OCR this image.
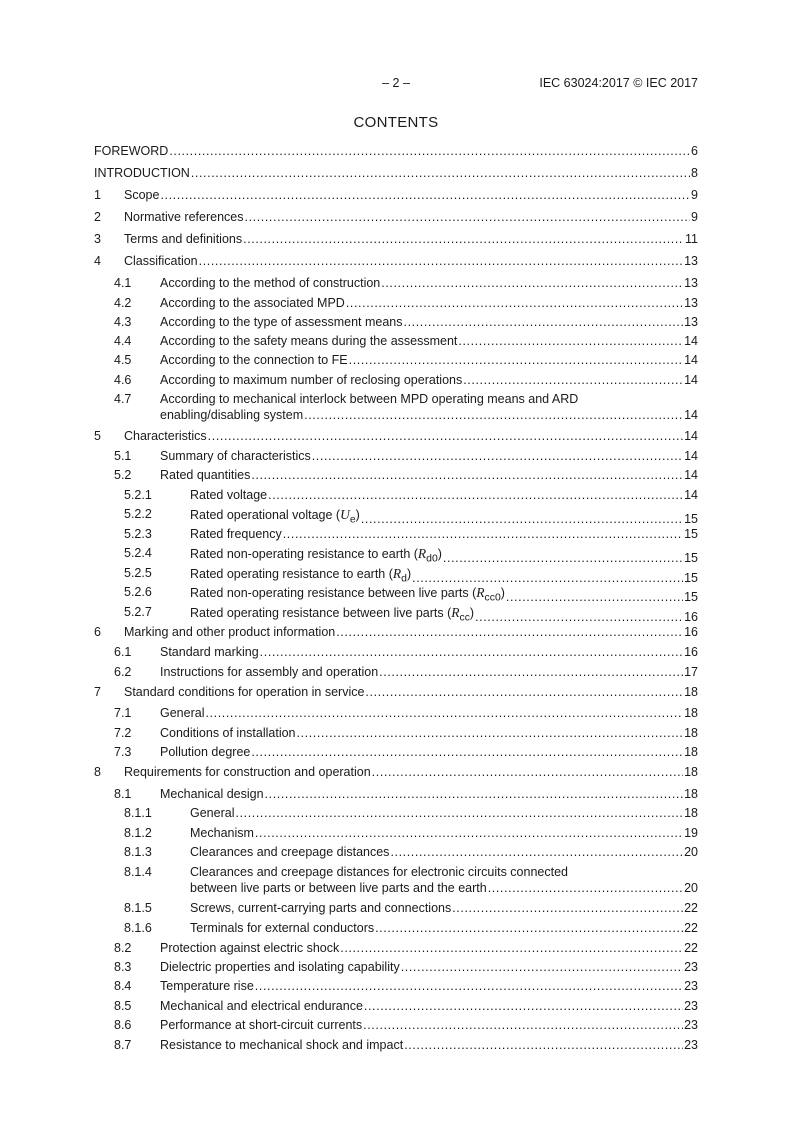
– 2 –	IEC 63024:2017 © IEC 2017
CONTENTS
FOREWORD .....	6
INTRODUCTION .....	8
1 Scope .....	9
2 Normative references .....	9
3 Terms and definitions .....	11
4 Classification .....	13
4.1 According to the method of construction .....	13
4.2 According to the associated MPD .....	13
4.3 According to the type of assessment means .....	13
4.4 According to the safety means during the assessment .....	14
4.5 According to the connection to FE .....	14
4.6 According to maximum number of reclosing operations .....	14
4.7 According to mechanical interlock between MPD operating means and ARD
enabling/disabling system .....	14
5 Characteristics .....	14
5.1 Summary of characteristics .....	14
5.2 Rated quantities .....	14
5.2.1	Rated voltage .....	14
5.2.2	Rated operational voltage $(U_e)$ .....	15
5.2.3	Rated frequency .....	15
5.2.4	Rated non-operating resistance to earth $(R_{d0})$ .....	15
5.2.5	Rated operating resistance to earth $(R_d)$ .....	15
5.2.6	Rated non-operating resistance between live parts $(R_{cc0})$ .....	15
5.2.7	Rated operating resistance between live parts $(R_{cc})$ .....	16
6 Marking and other product information .....	16
6.1 Standard marking .....	16
6.2 Instructions for assembly and operation .....	17
7 Standard conditions for operation in service .....	18
7.1 General .....	18
7.2 Conditions of installation .....	18
7.3 Pollution degree .....	18
8 Requirements for construction and operation .....	18
8.1 Mechanical design .....	18
8.1.1	General .....	18
8.1.2	Mechanism .....	19
8.1.3	Clearances and creepage distances .....	20
8.1.4	Clearances and creepage distances for electronic circuits connected
between live parts or between live parts and the earth .....	20
8.1.5	Screws, current-carrying parts and connections .....	22
8.1.6	Terminals for external conductors .....	22
8.2 Protection against electric shock .....	22
8.3 Dielectric properties and isolating capability .....	23
8.4 Temperature rise .....	23
8.5 Mechanical and electrical endurance .....	23
8.6 Performance at short-circuit currents .....	23
8.7 Resistance to mechanical shock and impact .....	23
